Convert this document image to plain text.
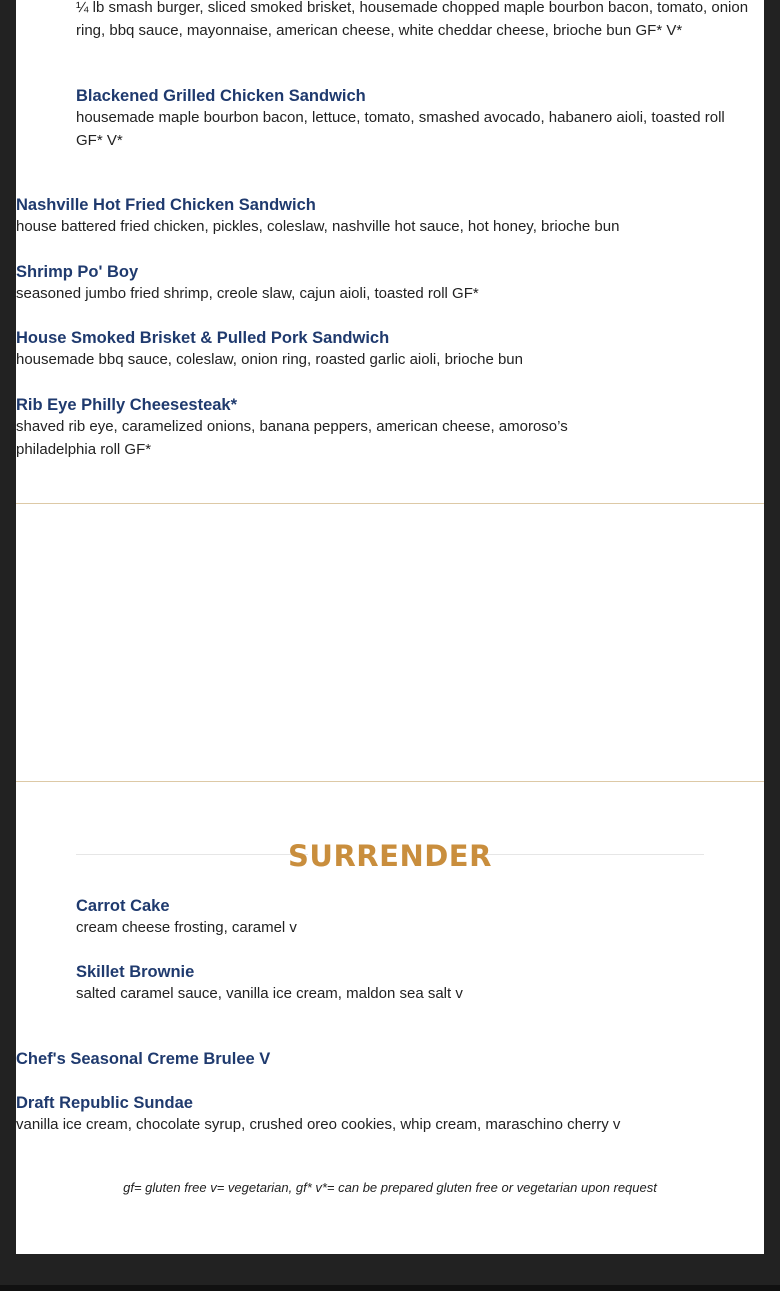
¼ lb smash burger, sliced smoked brisket, housemade chopped maple bourbon bacon, tomato, onion ring, bbq sauce, mayonnaise, american cheese, white cheddar cheese, brioche bun GF* V*
Blackened Grilled Chicken Sandwich
housemade maple bourbon bacon, lettuce, tomato, smashed avocado, habanero aioli, toasted roll GF* V*
Nashville Hot Fried Chicken Sandwich
house battered fried chicken, pickles, coleslaw, nashville hot sauce, hot honey, brioche bun
Shrimp Po' Boy
seasoned jumbo fried shrimp, creole slaw, cajun aioli, toasted roll GF*
House Smoked Brisket & Pulled Pork Sandwich
housemade bbq sauce, coleslaw, onion ring, roasted garlic aioli, brioche bun
Rib Eye Philly Cheesesteak*
shaved rib eye, caramelized onions, banana peppers, american cheese, amoroso’s philadelphia roll GF*
SURRENDER
Carrot Cake
cream cheese frosting, caramel v
Skillet Brownie
salted caramel sauce, vanilla ice cream, maldon sea salt v
Chef's Seasonal Creme Brulee V
Draft Republic Sundae
vanilla ice cream, chocolate syrup, crushed oreo cookies, whip cream, maraschino cherry v
gf= gluten free v= vegetarian, gf* v*= can be prepared gluten free or vegetarian upon request
